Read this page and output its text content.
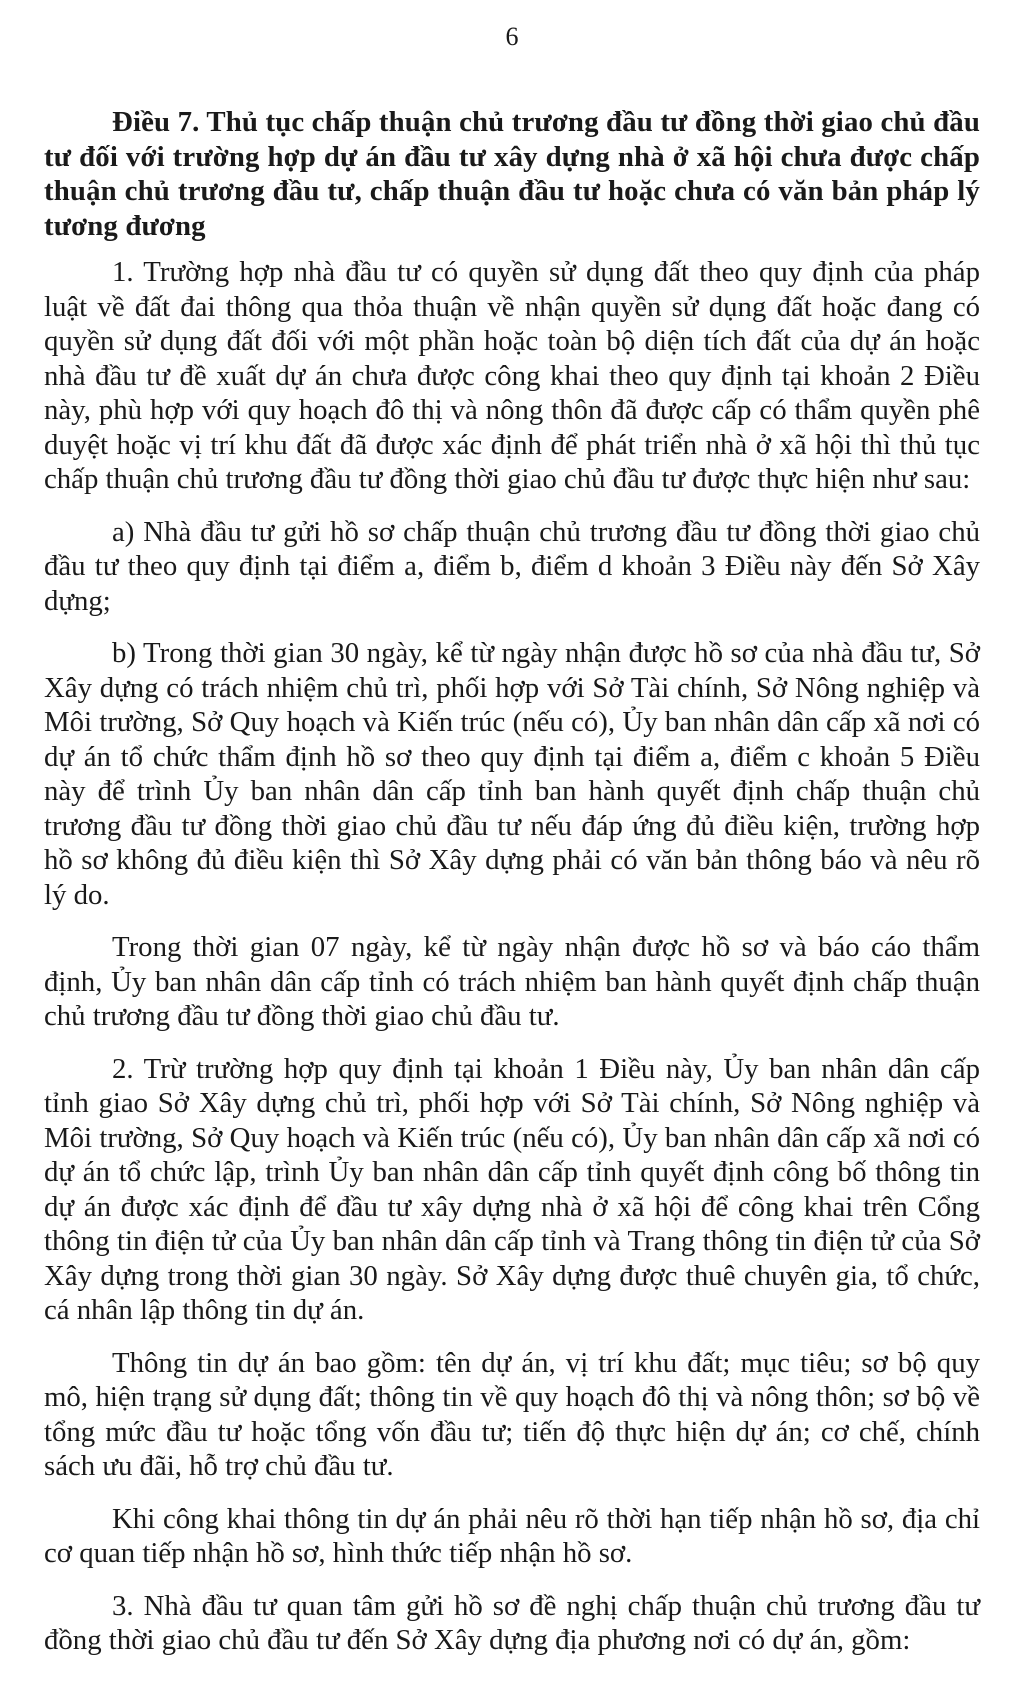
6
Điều 7. Thủ tục chấp thuận chủ trương đầu tư đồng thời giao chủ đầu tư đối với trường hợp dự án đầu tư xây dựng nhà ở xã hội chưa được chấp thuận chủ trương đầu tư, chấp thuận đầu tư hoặc chưa có văn bản pháp lý tương đương

1. Trường hợp nhà đầu tư có quyền sử dụng đất theo quy định của pháp luật về đất đai thông qua thỏa thuận về nhận quyền sử dụng đất hoặc đang có quyền sử dụng đất đối với một phần hoặc toàn bộ diện tích đất của dự án hoặc nhà đầu tư đề xuất dự án chưa được công khai theo quy định tại khoản 2 Điều này, phù hợp với quy hoạch đô thị và nông thôn đã được cấp có thẩm quyền phê duyệt hoặc vị trí khu đất đã được xác định để phát triển nhà ở xã hội thì thủ tục chấp thuận chủ trương đầu tư đồng thời giao chủ đầu tư được thực hiện như sau:

a) Nhà đầu tư gửi hồ sơ chấp thuận chủ trương đầu tư đồng thời giao chủ đầu tư theo quy định tại điểm a, điểm b, điểm d khoản 3 Điều này đến Sở Xây dựng;

b) Trong thời gian 30 ngày, kể từ ngày nhận được hồ sơ của nhà đầu tư, Sở Xây dựng có trách nhiệm chủ trì, phối hợp với Sở Tài chính, Sở Nông nghiệp và Môi trường, Sở Quy hoạch và Kiến trúc (nếu có), Ủy ban nhân dân cấp xã nơi có dự án tổ chức thẩm định hồ sơ theo quy định tại điểm a, điểm c khoản 5 Điều này để trình Ủy ban nhân dân cấp tỉnh ban hành quyết định chấp thuận chủ trương đầu tư đồng thời giao chủ đầu tư nếu đáp ứng đủ điều kiện, trường hợp hồ sơ không đủ điều kiện thì Sở Xây dựng phải có văn bản thông báo và nêu rõ lý do.

Trong thời gian 07 ngày, kể từ ngày nhận được hồ sơ và báo cáo thẩm định, Ủy ban nhân dân cấp tỉnh có trách nhiệm ban hành quyết định chấp thuận chủ trương đầu tư đồng thời giao chủ đầu tư.

2. Trừ trường hợp quy định tại khoản 1 Điều này, Ủy ban nhân dân cấp tỉnh giao Sở Xây dựng chủ trì, phối hợp với Sở Tài chính, Sở Nông nghiệp và Môi trường, Sở Quy hoạch và Kiến trúc (nếu có), Ủy ban nhân dân cấp xã nơi có dự án tổ chức lập, trình Ủy ban nhân dân cấp tỉnh quyết định công bố thông tin dự án được xác định để đầu tư xây dựng nhà ở xã hội để công khai trên Cổng thông tin điện tử của Ủy ban nhân dân cấp tỉnh và Trang thông tin điện tử của Sở Xây dựng trong thời gian 30 ngày. Sở Xây dựng được thuê chuyên gia, tổ chức, cá nhân lập thông tin dự án.

Thông tin dự án bao gồm: tên dự án, vị trí khu đất; mục tiêu; sơ bộ quy mô, hiện trạng sử dụng đất; thông tin về quy hoạch đô thị và nông thôn; sơ bộ về tổng mức đầu tư hoặc tổng vốn đầu tư; tiến độ thực hiện dự án; cơ chế, chính sách ưu đãi, hỗ trợ chủ đầu tư.

Khi công khai thông tin dự án phải nêu rõ thời hạn tiếp nhận hồ sơ, địa chỉ cơ quan tiếp nhận hồ sơ, hình thức tiếp nhận hồ sơ.

3. Nhà đầu tư quan tâm gửi hồ sơ đề nghị chấp thuận chủ trương đầu tư đồng thời giao chủ đầu tư đến Sở Xây dựng địa phương nơi có dự án, gồm:
